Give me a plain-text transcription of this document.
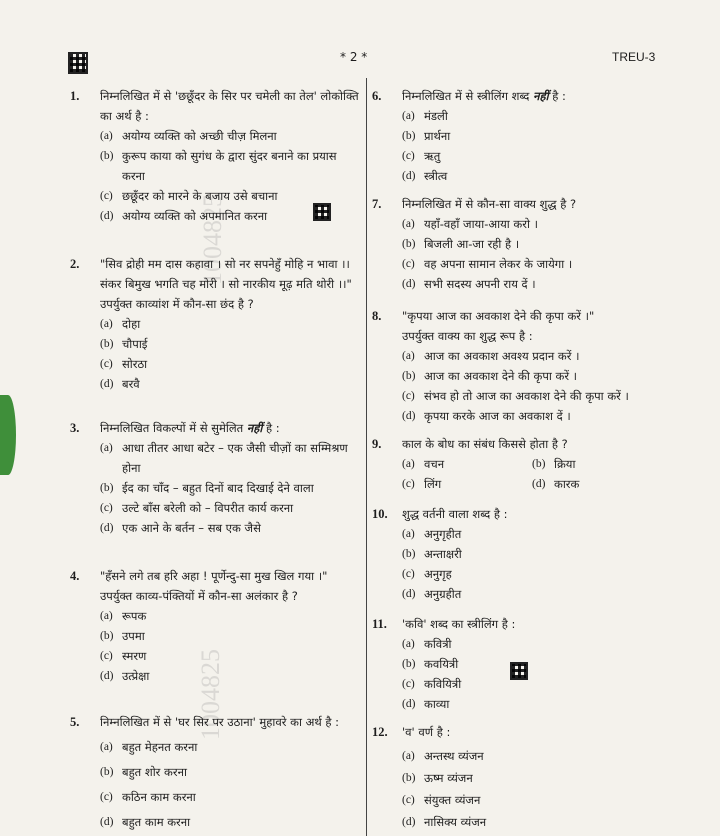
* 2 *	TREU-3
1004825
1004825
1. निम्नलिखित में से 'छछूँदर के सिर पर चमेली का तेल' लोकोक्ति का अर्थ है :
(a) अयोग्य व्यक्ति को अच्छी चीज़ मिलना
(b) कुरूप काया को सुगंध के द्वारा सुंदर बनाने का प्रयास करना
(c) छछूँदर को मारने के बजाय उसे बचाना
(d) अयोग्य व्यक्ति को अपमानित करना
2. "सिव द्रोही मम दास कहावा । सो नर सपनेहुँ मोहि न भावा ।।
संकर बिमुख भगति चह मोरी । सो नारकीय मूढ़ मति थोरी ।।"
उपर्युक्त काव्यांश में कौन-सा छंद है ?
(a) दोहा
(b) चौपाई
(c) सोरठा
(d) बरवै
3. निम्नलिखित विकल्पों में से सुमेलित नहीं है :
(a) आधा तीतर आधा बटेर – एक जैसी चीज़ों का सम्मिश्रण होना
(b) ईद का चाँद – बहुत दिनों बाद दिखाई देने वाला
(c) उल्टे बाँस बरेली को – विपरीत कार्य करना
(d) एक आने के बर्तन – सब एक जैसे
4. "हँसने लगे तब हरि अहा ! पूर्णेन्दु-सा मुख खिल गया ।"
उपर्युक्त काव्य-पंक्तियों में कौन-सा अलंकार है ?
(a) रूपक
(b) उपमा
(c) स्मरण
(d) उत्प्रेक्षा
5. निम्नलिखित में से 'घर सिर पर उठाना' मुहावरे का अर्थ है :
(a) बहुत मेहनत करना
(b) बहुत शोर करना
(c) कठिन काम करना
(d) बहुत काम करना
6. निम्नलिखित में से स्त्रीलिंग शब्द नहीं है :
(a) मंडली
(b) प्रार्थना
(c) ऋतु
(d) स्त्रीत्व
7. निम्नलिखित में से कौन-सा वाक्य शुद्ध है ?
(a) यहाँ-वहाँ जाया-आया करो ।
(b) बिजली आ-जा रही है ।
(c) वह अपना सामान लेकर के जायेगा ।
(d) सभी सदस्य अपनी राय दें ।
8. "कृपया आज का अवकाश देने की कृपा करें ।"
उपर्युक्त वाक्य का शुद्ध रूप है :
(a) आज का अवकाश अवश्य प्रदान करें ।
(b) आज का अवकाश देने की कृपा करें ।
(c) संभव हो तो आज का अवकाश देने की कृपा करें ।
(d) कृपया करके आज का अवकाश दें ।
9. काल के बोध का संबंध किससे होता है ?
(a) वचन	(b) क्रिया
(c) लिंग	(d) कारक
10. शुद्ध वर्तनी वाला शब्द है :
(a) अनुगृहीत
(b) अन्ताक्षरी
(c) अनुगृह
(d) अनुग्रहीत
11. 'कवि' शब्द का स्त्रीलिंग है :
(a) कवित्री
(b) कवयित्री
(c) कवियित्री
(d) काव्या
12. 'व' वर्ण है :
(a) अन्तस्थ व्यंजन
(b) ऊष्म व्यंजन
(c) संयुक्त व्यंजन
(d) नासिक्य व्यंजन
